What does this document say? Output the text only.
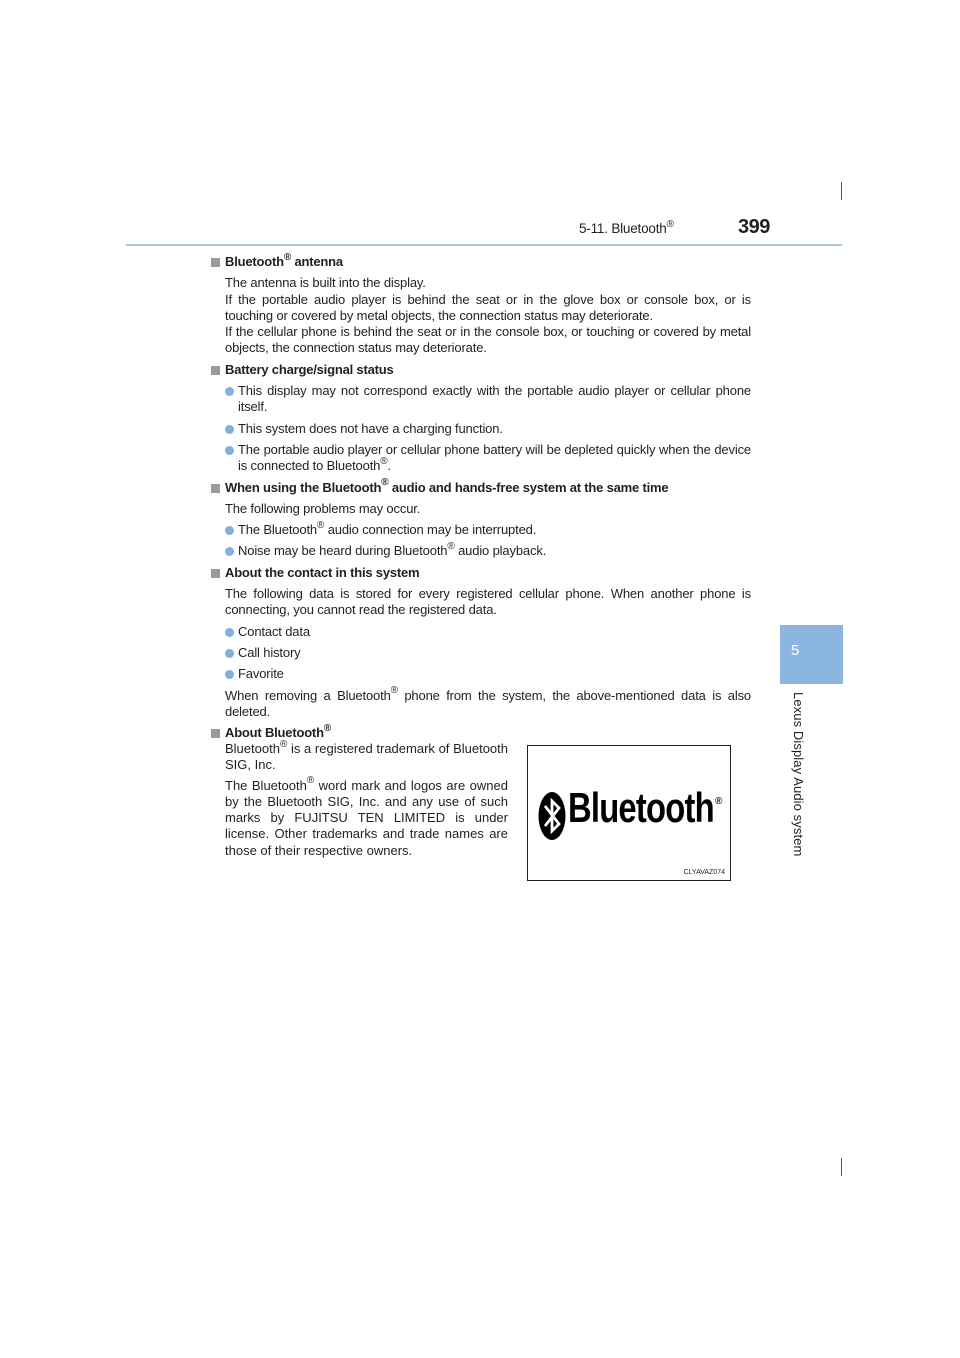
5-11. Bluetooth®	399
5
Lexus Display Audio system
Bluetooth® antenna
The antenna is built into the display.
If the portable audio player is behind the seat or in the glove box or console box, or is touching or covered by metal objects, the connection status may deteriorate.
If the cellular phone is behind the seat or in the console box, or touching or covered by metal objects, the connection status may deteriorate.
Battery charge/signal status
This display may not correspond exactly with the portable audio player or cellular phone itself.
This system does not have a charging function.
The portable audio player or cellular phone battery will be depleted quickly when the device is connected to Bluetooth®.
When using the Bluetooth® audio and hands-free system at the same time
The following problems may occur.
The Bluetooth® audio connection may be interrupted.
Noise may be heard during Bluetooth® audio playback.
About the contact in this system
The following data is stored for every registered cellular phone. When another phone is connecting, you cannot read the registered data.
Contact data
Call history
Favorite
When removing a Bluetooth® phone from the system, the above-mentioned data is also deleted.
About Bluetooth®
Bluetooth® is a registered trademark of Bluetooth SIG, Inc.
The Bluetooth® word mark and logos are owned by the Bluetooth SIG, Inc. and any use of such marks by FUJITSU TEN LIMITED is under license. Other trademarks and trade names are those of their respective owners.
Bluetooth ®
CLYAVAZ074
